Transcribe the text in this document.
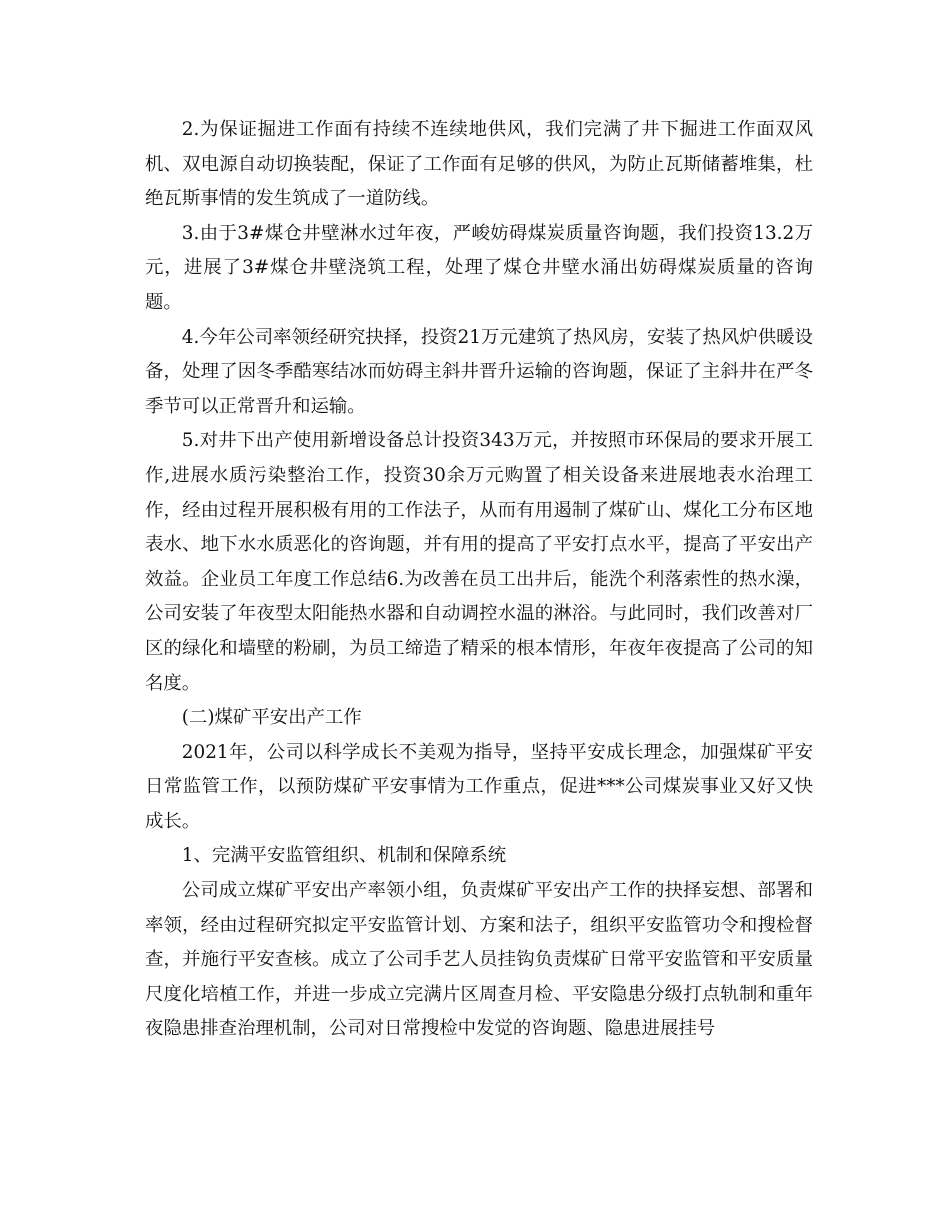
2.为保证掘进工作面有持续不连续地供风，我们完满了井下掘进工作面双风机、双电源自动切换装配，保证了工作面有足够的供风，为防止瓦斯储蓄堆集，杜绝瓦斯事情的发生筑成了一道防线。

3.由于3#煤仓井壁淋水过年夜，严峻妨碍煤炭质量咨询题，我们投资13.2万元，进展了3#煤仓井壁浇筑工程，处理了煤仓井壁水涌出妨碍煤炭质量的咨询题。

4.今年公司率领经研究抉择，投资21万元建筑了热风房，安装了热风炉供暖设备，处理了因冬季酷寒结冰而妨碍主斜井晋升运输的咨询题，保证了主斜井在严冬季节可以正常晋升和运输。

5.对井下出产使用新增设备总计投资343万元，并按照市环保局的要求开展工作,进展水质污染整治工作，投资30余万元购置了相关设备来进展地表水治理工作，经由过程开展积极有用的工作法子，从而有用遏制了煤矿山、煤化工分布区地表水、地下水水质恶化的咨询题，并有用的提高了平安打点水平，提高了平安出产效益。企业员工年度工作总结6.为改善在员工出井后，能洗个利落索性的热水澡，公司安装了年夜型太阳能热水器和自动调控水温的淋浴。与此同时，我们改善对厂区的绿化和墙壁的粉刷，为员工缔造了精采的根本情形，年夜年夜提高了公司的知名度。

(二)煤矿平安出产工作

2021年，公司以科学成长不美观为指导，坚持平安成长理念，加强煤矿平安日常监管工作，以预防煤矿平安事情为工作重点，促进***公司煤炭事业又好又快成长。

1、完满平安监管组织、机制和保障系统

公司成立煤矿平安出产率领小组，负责煤矿平安出产工作的抉择妄想、部署和率领，经由过程研究拟定平安监管计划、方案和法子，组织平安监管功令和搜检督查，并施行平安查核。成立了公司手艺人员挂钩负责煤矿日常平安监管和平安质量尺度化培植工作，并进一步成立完满片区周查月检、平安隐患分级打点轨制和重年夜隐患排查治理机制，公司对日常搜检中发觉的咨询题、隐患进展挂号
